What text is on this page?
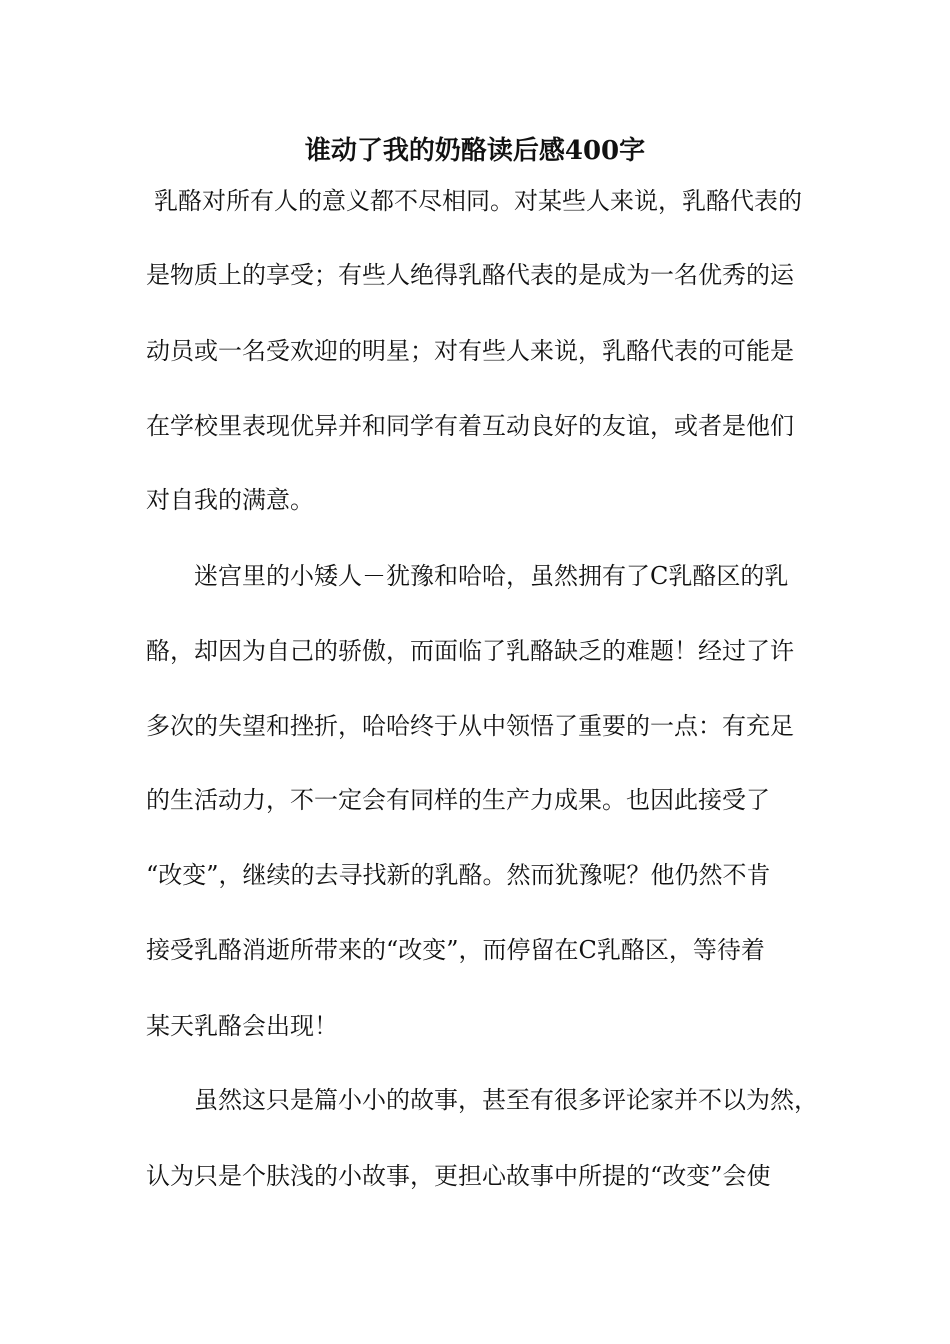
谁动了我的奶酪读后感400字

乳酪对所有人的意义都不尽相同。对某些人来说，乳酪代表的

是物质上的享受；有些人绝得乳酪代表的是成为一名优秀的运

动员或一名受欢迎的明星；对有些人来说，乳酪代表的可能是

在学校里表现优异并和同学有着互动良好的友谊，或者是他们

对自我的满意。

迷宫里的小矮人－犹豫和哈哈，虽然拥有了C乳酪区的乳

酪，却因为自己的骄傲，而面临了乳酪缺乏的难题！经过了许

多次的失望和挫折，哈哈终于从中领悟了重要的一点：有充足

的生活动力，不一定会有同样的生产力成果。也因此接受了

“改变”，继续的去寻找新的乳酪。然而犹豫呢？他仍然不肯

接受乳酪消逝所带来的“改变”，而停留在C乳酪区，等待着

某天乳酪会出现！

虽然这只是篇小小的故事，甚至有很多评论家并不以为然，

认为只是个肤浅的小故事，更担心故事中所提的“改变”会使
